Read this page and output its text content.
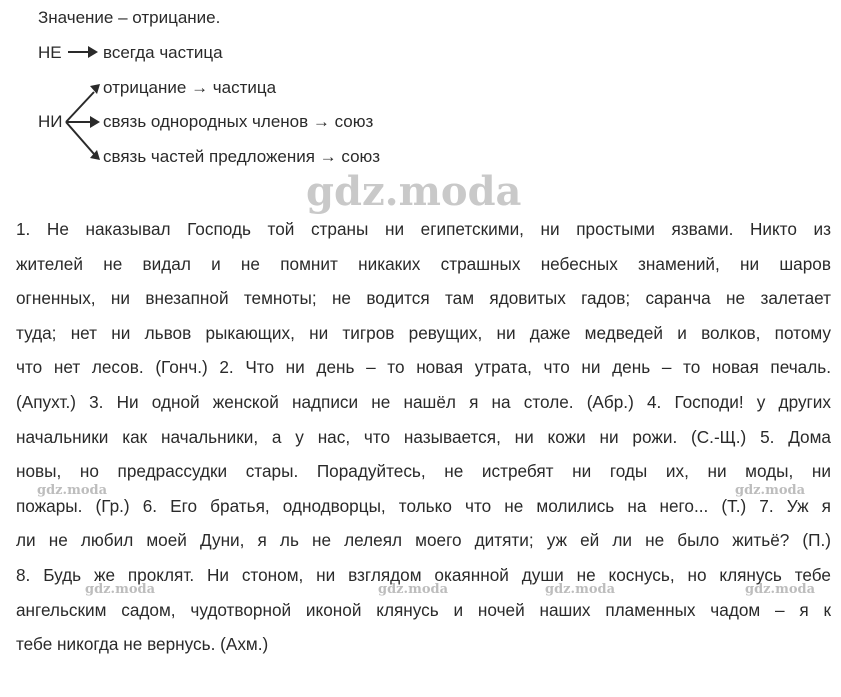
Значение – отрицание.
НЕ всегда частица
НИ
отрицание → частица
связь однородных членов → союз
связь частей предложения → союз
gdz.moda
gdz.moda	gdz.moda
gdz.moda	gdz.moda	gdz.moda	gdz.moda
1. Не наказывал Господь той страны ни египетскими, ни простыми язвами. Никто из
жителей не видал и не помнит никаких страшных небесных знамений, ни шаров
огненных, ни внезапной темноты; не водится там ядовитых гадов; саранча не залетает
туда; нет ни львов рыкающих, ни тигров ревущих, ни даже медведей и волков, потому
что нет лесов. (Гонч.) 2. Что ни день – то новая утрата, что ни день – то новая печаль.
(Апухт.) 3. Ни одной женской надписи не нашёл я на столе. (Абр.) 4. Господи! у других
начальники как начальники, а у нас, что называется, ни кожи ни рожи. (С.-Щ.) 5. Дома
новы, но предрассудки стары. Порадуйтесь, не истребят ни годы их, ни моды, ни
пожары. (Гр.) 6. Его братья, однодворцы, только что не молились на него... (Т.) 7. Уж я
ли не любил моей Дуни, я ль не лелеял моего дитяти; уж ей ли не было житьё? (П.)
8. Будь же проклят. Ни стоном, ни взглядом окаянной души не коснусь, но клянусь тебе
ангельским садом, чудотворной иконой клянусь и ночей наших пламенных чадом – я к
тебе никогда не вернусь. (Ахм.)
